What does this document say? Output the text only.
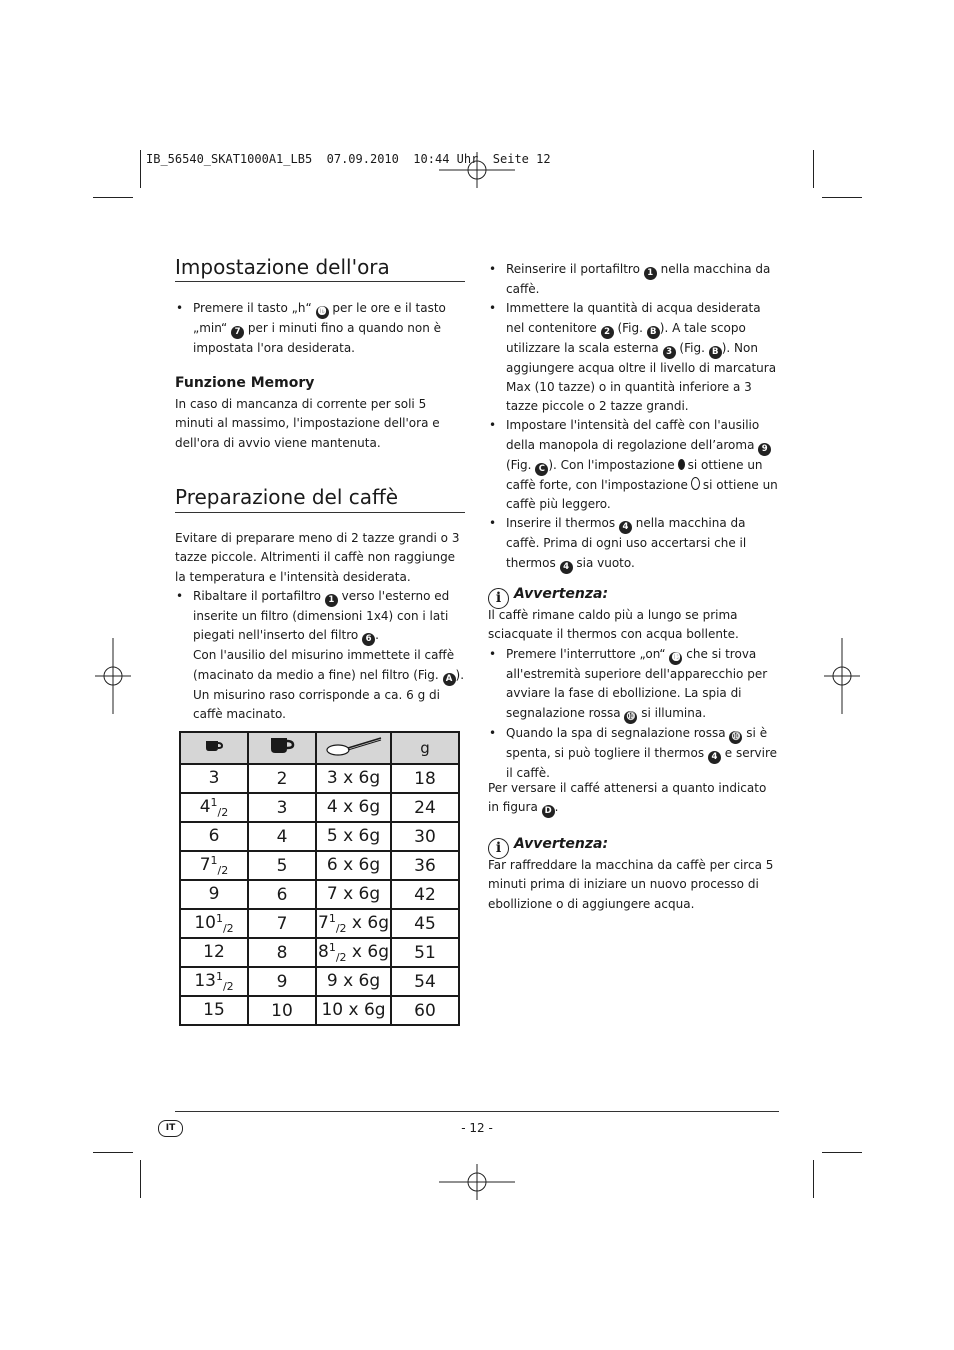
IB_56540_SKAT1000A1_LB5  07.09.2010  10:44 Uhr  Seite 12
Impostazione dell'ora
• Premere il tasto „h“ ⓰ per le ore e il tasto „min“ 7 per i minuti fino a quando non è impostata l'ora desiderata.
Funzione Memory
In caso di mancanza di corrente per soli 5 minuti al massimo, l'impostazione dell'ora e dell'ora di avvio viene mantenuta.
Preparazione del caffè
Evitare di preparare meno di 2 tazze grandi o 3 tazze piccole. Altrimenti il caffè non raggiunge la temperatura e l'intensità desiderata.
• Ribaltare il portafiltro 1 verso l'esterno ed inserite un filtro (dimensioni 1x4) con i lati piegati nell'inserto del filtro 6 .
Con l'ausilio del misurino immettete il caffè (macinato da medio a fine) nel filtro (Fig. A ).
Un misurino raso corrisponde a ca. 6 g di caffè macinato.
			g
3	2	3 x 6g	18
$4^1_{/2}$	3	4 x 6g	24
6	4	5 x 6g	30
$7^1_{/2}$	5	6 x 6g	36
9	6	7 x 6g	42
$10^1_{/2}$	7	$7^1_{/2}$ x 6g	45
12	8	$8^1_{/2}$ x 6g	51
$13^1_{/2}$	9	9 x 6g	54
15	10	10 x 6g	60
• Reinserire il portafiltro 1 nella macchina da caffè.
• Immettere la quantità di acqua desiderata nel contenitore 2 (Fig. B ). A tale scopo utilizzare la scala esterna 3 (Fig. B ). Non aggiungere acqua oltre il livello di marcatura Max (10 tazze) o in quantità inferiore a 3 tazze piccole o 2 tazze grandi.
• Impostare l'intensità del caffè con l'ausilio della manopola di regolazione dell’aroma 9 (Fig. C ). Con l'impostazione si ottiene un caffè forte, con l'impostazione si ottiene un caffè più leggero.
• Inserire il thermos 4 nella macchina da caffè. Prima di ogni uso accertarsi che il thermos 4 sia vuoto.
i Avvertenza:
Il caffè rimane caldo più a lungo se prima sciacquate il thermos con acqua bollente.
• Premere l'interruttore „on“ ⓭ che si trova all'estremità superiore dell'apparecchio per avviare la fase di ebollizione. La spia di segnalazione rossa ⓾ si illumina.
• Quando la spa di segnalazione rossa ⓾ si è spenta, si può togliere il thermos 4 e servire il caffè.
Per versare il caffé attenersi a quanto indicato in figura D .
i Avvertenza:
Far raffreddare la macchina da caffè per circa 5 minuti prima di iniziare un nuovo processo di ebollizione o di aggiungere acqua.
IT	- 12 -
